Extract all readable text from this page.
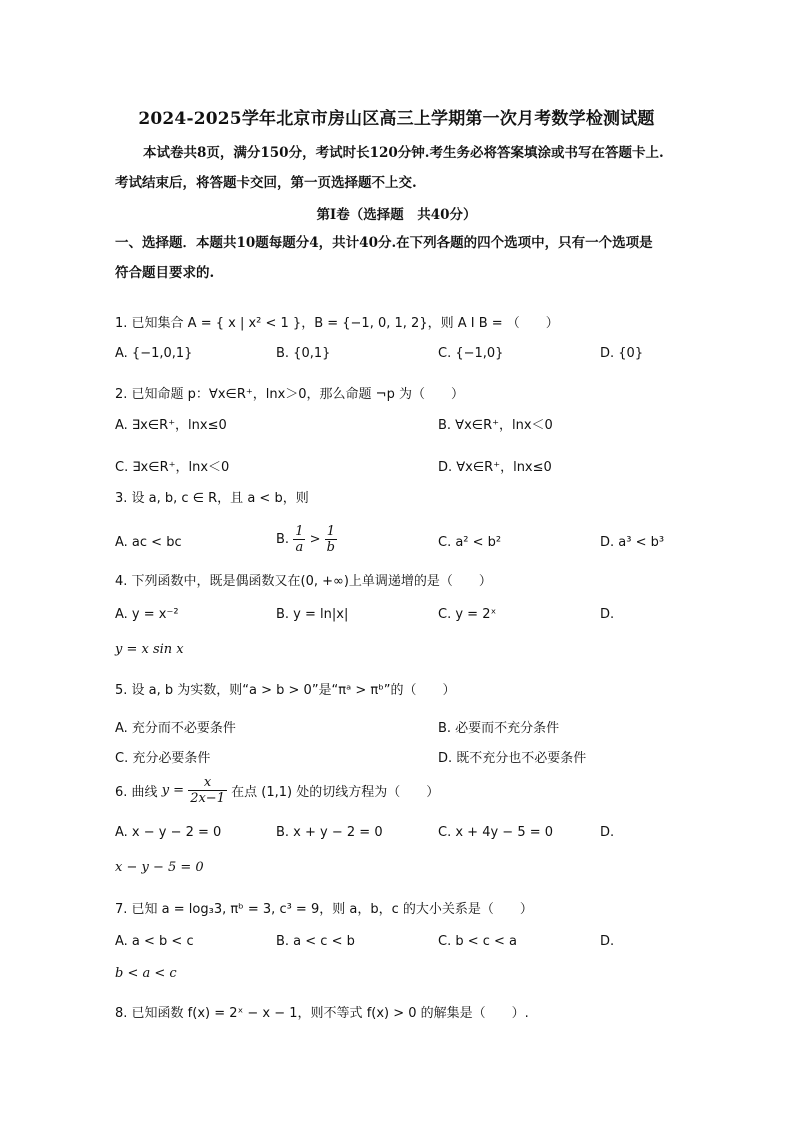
2024-2025学年北京市房山区高三上学期第一次月考数学检测试题

本试卷共8页，满分150分，考试时长120分钟.考生务必将答案填涂或书写在答题卡上.

考试结束后，将答题卡交回，第一页选择题不上交.

第I卷（选择题　共40分）

一、选择题．本题共10题每题分4，共计40分.在下列各题的四个选项中，只有一个选项是

符合题目要求的.

1. 已知集合 A = { x | x² < 1 }，B = {−1, 0, 1, 2}，则 A I B = （　　）
A. {−1,0,1}	B. {0,1}	C. {−1,0}	D. {0}
2. 已知命题 p：∀x∈R⁺，lnx＞0，那么命题 ¬p 为（　　）
A. ∃x∈R⁺，lnx≤0	B. ∀x∈R⁺，lnx＜0
C. ∃x∈R⁺，lnx＜0	D. ∀x∈R⁺，lnx≤0
3. 设 a, b, c ∈ R，且 a < b，则
A. ac < bc	B. $\frac{1}{a} > \frac{1}{b}$	C. a² < b²	D. a³ < b³
4. 下列函数中，既是偶函数又在(0, +∞)上单调递增的是（　　）
A. y = x⁻²	B. y = ln|x|	C. y = 2ˣ	D.
y = x sin x
5. 设 a, b 为实数，则“a > b > 0”是“πᵃ > πᵇ”的（　　）
A. 充分而不必要条件	B. 必要而不充分条件
C. 充分必要条件	D. 既不充分也不必要条件
6. 曲线 $y = \frac{x}{2x-1}$ 在点 (1,1) 处的切线方程为（　　）
A. x − y − 2 = 0	B. x + y − 2 = 0	C. x + 4y − 5 = 0	D.
x − y − 5 = 0
7. 已知 a = log₃3, πᵇ = 3, c³ = 9，则 a，b，c 的大小关系是（　　）
A. a < b < c	B. a < c < b	C. b < c < a	D.
b < a < c
8. 已知函数 f(x) = 2ˣ − x − 1，则不等式 f(x) > 0 的解集是（　　）.
